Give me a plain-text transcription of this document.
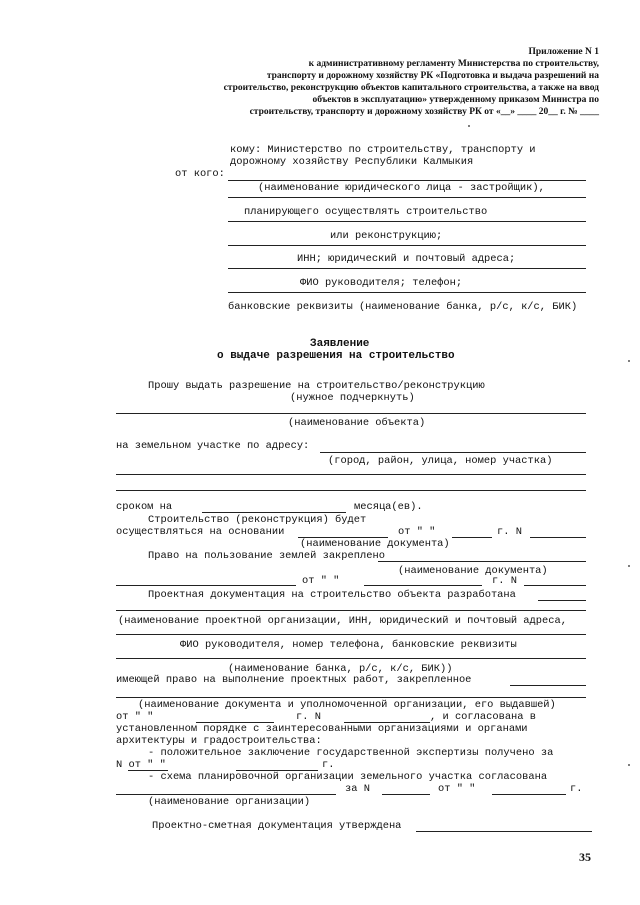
Приложение N 1
к административному регламенту Министерства по строительству,
транспорту и дорожному хозяйству РК «Подготовка и выдача разрешений на
строительство, реконструкцию объектов капитального строительства, а также на ввод
объектов в эксплуатацию» утвержденному приказом Министра по
строительству, транспорту и дорожному хозяйству РК от «__» ____ 20__ г. № ____
кому: Министерство по строительству, транспорту и
дорожному хозяйству Республики Калмыкия
от кого:
(наименование юридического лица - застройщик),
планирующего осуществлять строительство
или реконструкцию;
ИНН; юридический и почтовый адреса;
ФИО руководителя; телефон;
банковские реквизиты (наименование банка, р/с, к/с, БИК)
Заявление
о выдаче разрешения на строительство
Прошу выдать разрешение на строительство/реконструкцию
(нужное подчеркнуть)
(наименование объекта)
на земельном участке по адресу:
(город, район, улица, номер участка)
сроком на	месяца(ев).
Строительство (реконструкция) будет
осуществляться на основании	от " "	г. N
(наименование документа)
Право на пользование землей закреплено
(наименование документа)
от " "	г. N
Проектная документация на строительство объекта разработана
(наименование проектной организации, ИНН, юридический и почтовый адреса,
ФИО руководителя, номер телефона, банковские реквизиты
(наименование банка, р/с, к/с, БИК))
имеющей право на выполнение проектных работ, закрепленное
(наименование документа и уполномоченной организации, его выдавшей)
от " "	г. N	, и согласована в
установленном порядке с заинтересованными организациями и органами
архитектуры и градостроительства:
- положительное заключение государственной экспертизы получено за
N от " "	г.
- схема планировочной организации земельного участка согласована
за N	от " "	г.
(наименование организации)
Проектно-сметная документация утверждена
35
